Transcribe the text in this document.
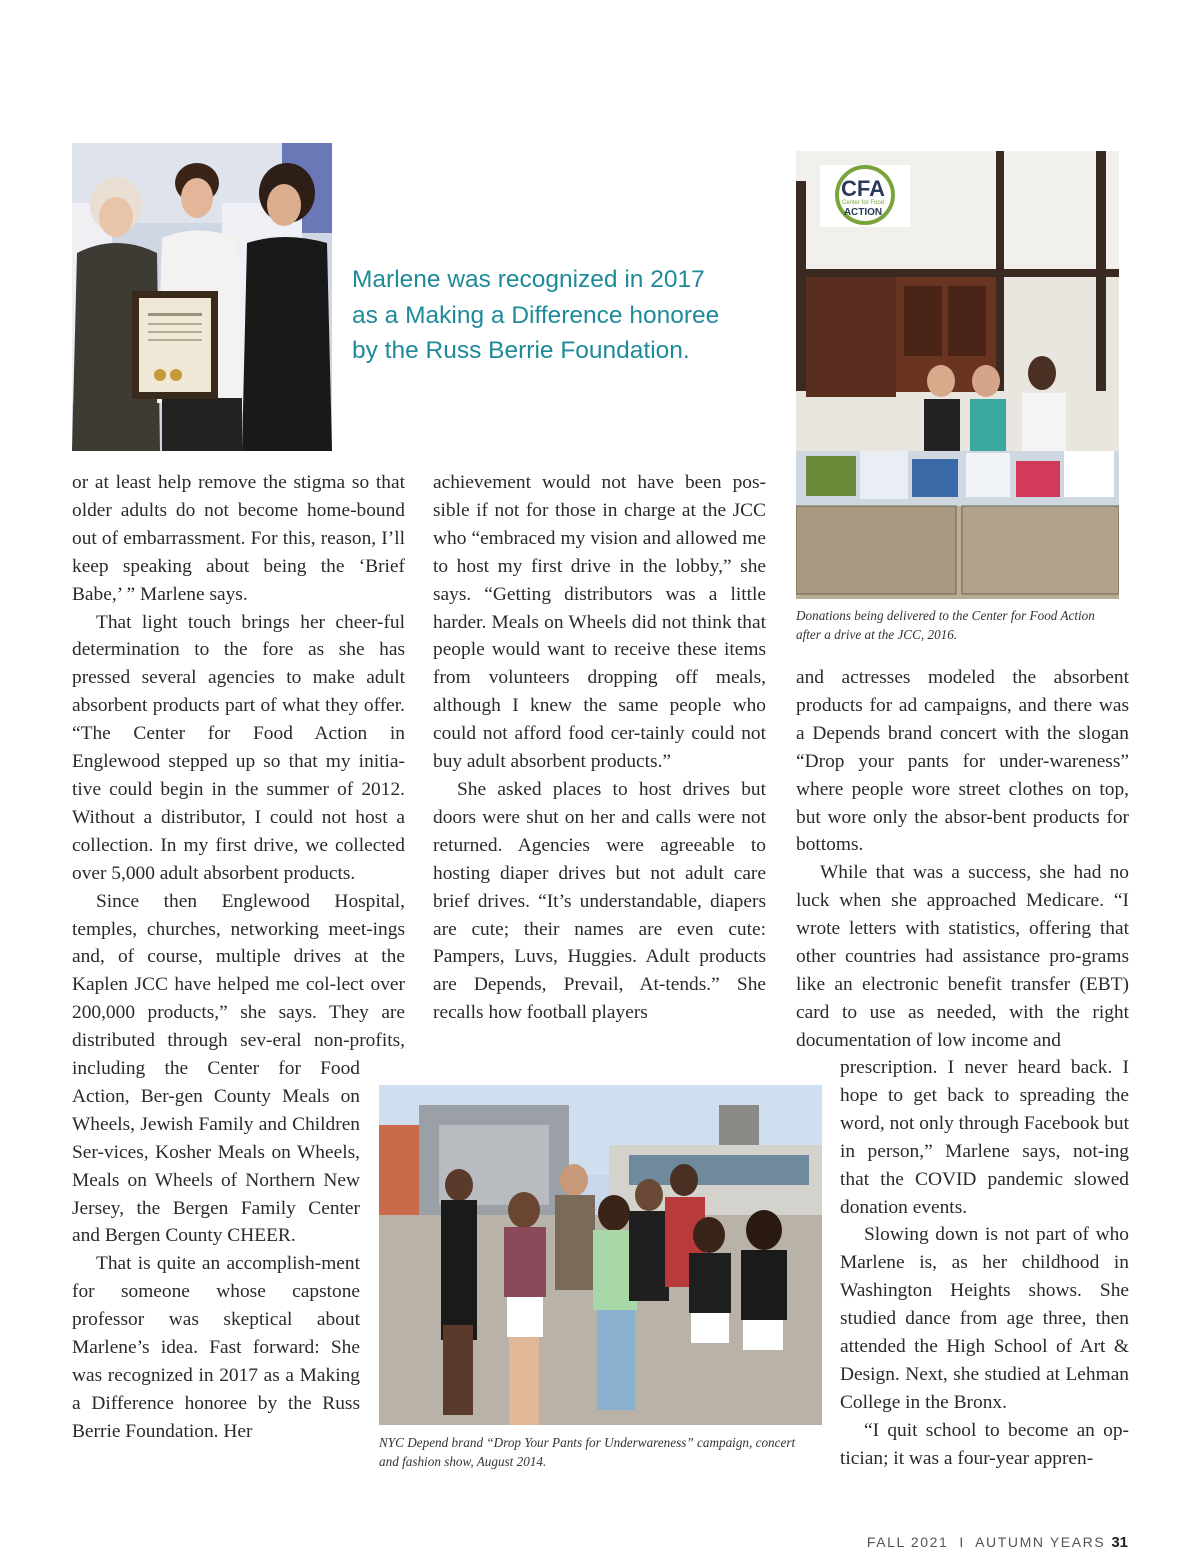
Marlene was recognized in 2017
as a Making a Difference honoree
by the Russ Berrie Foundation.
CFA
Center for Food
ACTION

Donations being delivered to the Center for Food Action after a drive at the JCC, 2016.

or at least help remove the stigma so that older adults do not become home-bound out of embarrassment. For this, reason, I’ll keep speaking about being the ‘Brief Babe,’ ” Marlene says.

That light touch brings her cheer-ful determination to the fore as she has pressed several agencies to make adult absorbent products part of what they offer. “The Center for Food Action in Englewood stepped up so that my initia-tive could begin in the summer of 2012. Without a distributor, I could not host a collection. In my first drive, we collected over 5,000 adult absorbent products.

Since then Englewood Hospital, temples, churches, networking meet-ings and, of course, multiple drives at the Kaplen JCC have helped me col-lect over 200,000 products,” she says. They are distributed through sev-eral non-profits, including the Center for Food Action, Ber-gen County Meals on Wheels, Jewish Family and Children Ser-vices, Kosher Meals on Wheels, Meals on Wheels of Northern New Jersey, the Bergen Family Center and Bergen County CHEER.

That is quite an accomplish-ment for someone whose capstone professor was skeptical about Marlene’s idea. Fast forward: She was recognized in 2017 as a Making a Difference honoree by the Russ Berrie Foundation. Her

achievement would not have been pos-sible if not for those in charge at the JCC who “embraced my vision and allowed me to host my first drive in the lobby,” she says. “Getting distributors was a little harder. Meals on Wheels did not think that people would want to receive these items from volunteers dropping off meals, although I knew the same people who could not afford food cer-tainly could not buy adult absorbent products.”

She asked places to host drives but doors were shut on her and calls were not returned. Agencies were agreeable to hosting diaper drives but not adult care brief drives. “It’s understandable, diapers are cute; their names are even cute: Pampers, Luvs, Huggies. Adult products are Depends, Prevail, At-tends.” She recalls how football players

and actresses modeled the absorbent products for ad campaigns, and there was a Depends brand concert with the slogan “Drop your pants for under-wareness” where people wore street clothes on top, but wore only the absor-bent products for bottoms.

While that was a success, she had no luck when she approached Medicare. “I wrote letters with statistics, offering that other countries had assistance pro-grams like an electronic benefit transfer (EBT) card to use as needed, with the right documentation of low income and

prescription. I never heard back. I hope to get back to spreading the word, not only through Facebook but in person,” Marlene says, not-ing that the COVID pandemic slowed donation events.

Slowing down is not part of who Marlene is, as her childhood in Washington Heights shows. She studied dance from age three, then attended the High School of Art & Design. Next, she studied at Lehman College in the Bronx.

“I quit school to become an op-tician; it was a four-year appren-

NYC Depend brand “Drop Your Pants for Underwareness” campaign, concert and fashion show, August 2014.

FALL 2021  I  AUTUMN YEARS 31
